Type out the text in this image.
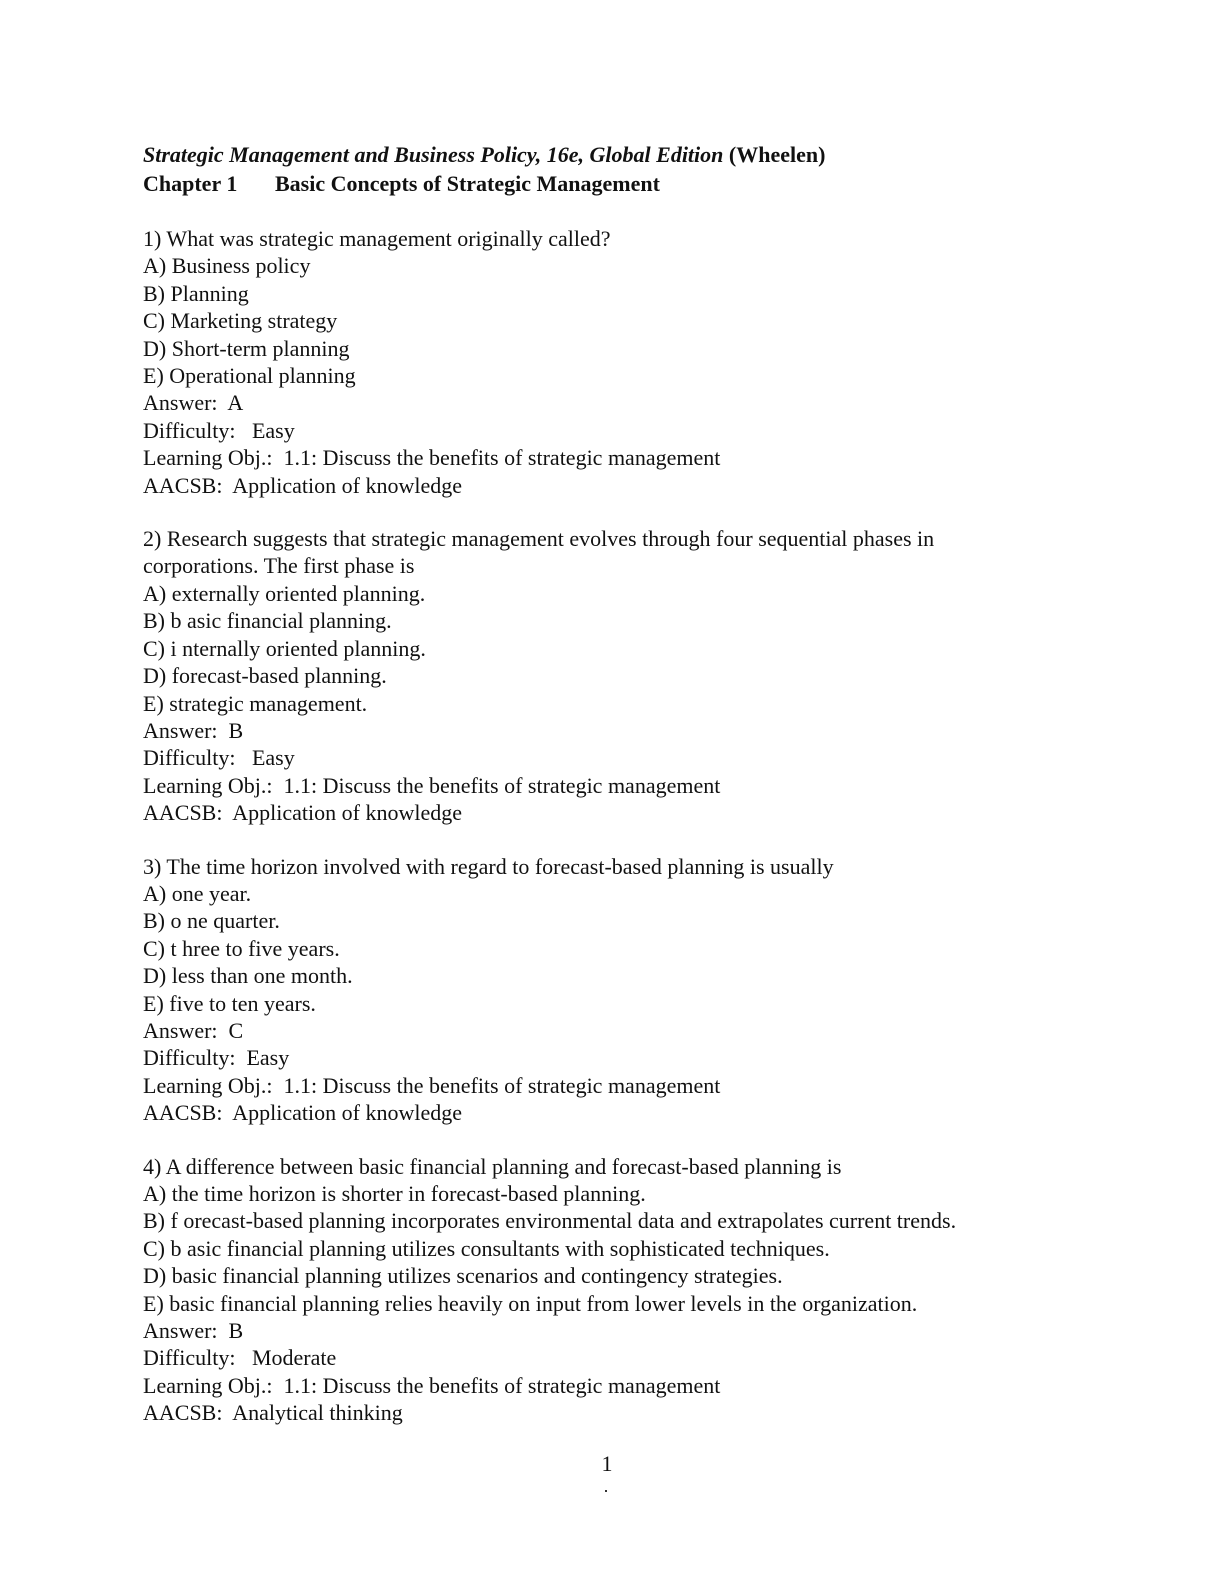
Strategic Management and Business Policy, 16e, Global Edition (Wheelen)
Chapter 1 Basic Concepts of Strategic Management
1) What was strategic management originally called?
A) Business policy
B) Planning
C) Marketing strategy
D) Short-term planning
E) Operational planning
Answer:  A
Difficulty:   Easy
Learning Obj.:  1.1: Discuss the benefits of strategic management
AACSB:  Application of knowledge
2) Research suggests that strategic management evolves through four sequential phases in
corporations. The first phase is
A) externally oriented planning.
B) b asic financial planning.
C) i nternally oriented planning.
D) forecast-based planning.
E) strategic management.
Answer:  B
Difficulty:   Easy
Learning Obj.:  1.1: Discuss the benefits of strategic management
AACSB:  Application of knowledge
3) The time horizon involved with regard to forecast-based planning is usually
A) one year.
B) o ne quarter.
C) t hree to five years.
D) less than one month.
E) five to ten years.
Answer:  C
Difficulty:  Easy
Learning Obj.:  1.1: Discuss the benefits of strategic management
AACSB:  Application of knowledge
4) A difference between basic financial planning and forecast-based planning is
A) the time horizon is shorter in forecast-based planning.
B) f orecast-based planning incorporates environmental data and extrapolates current trends.
C) b asic financial planning utilizes consultants with sophisticated techniques.
D) basic financial planning utilizes scenarios and contingency strategies.
E) basic financial planning relies heavily on input from lower levels in the organization.
Answer:  B
Difficulty:   Moderate
Learning Obj.:  1.1: Discuss the benefits of strategic management
AACSB:  Analytical thinking
1
